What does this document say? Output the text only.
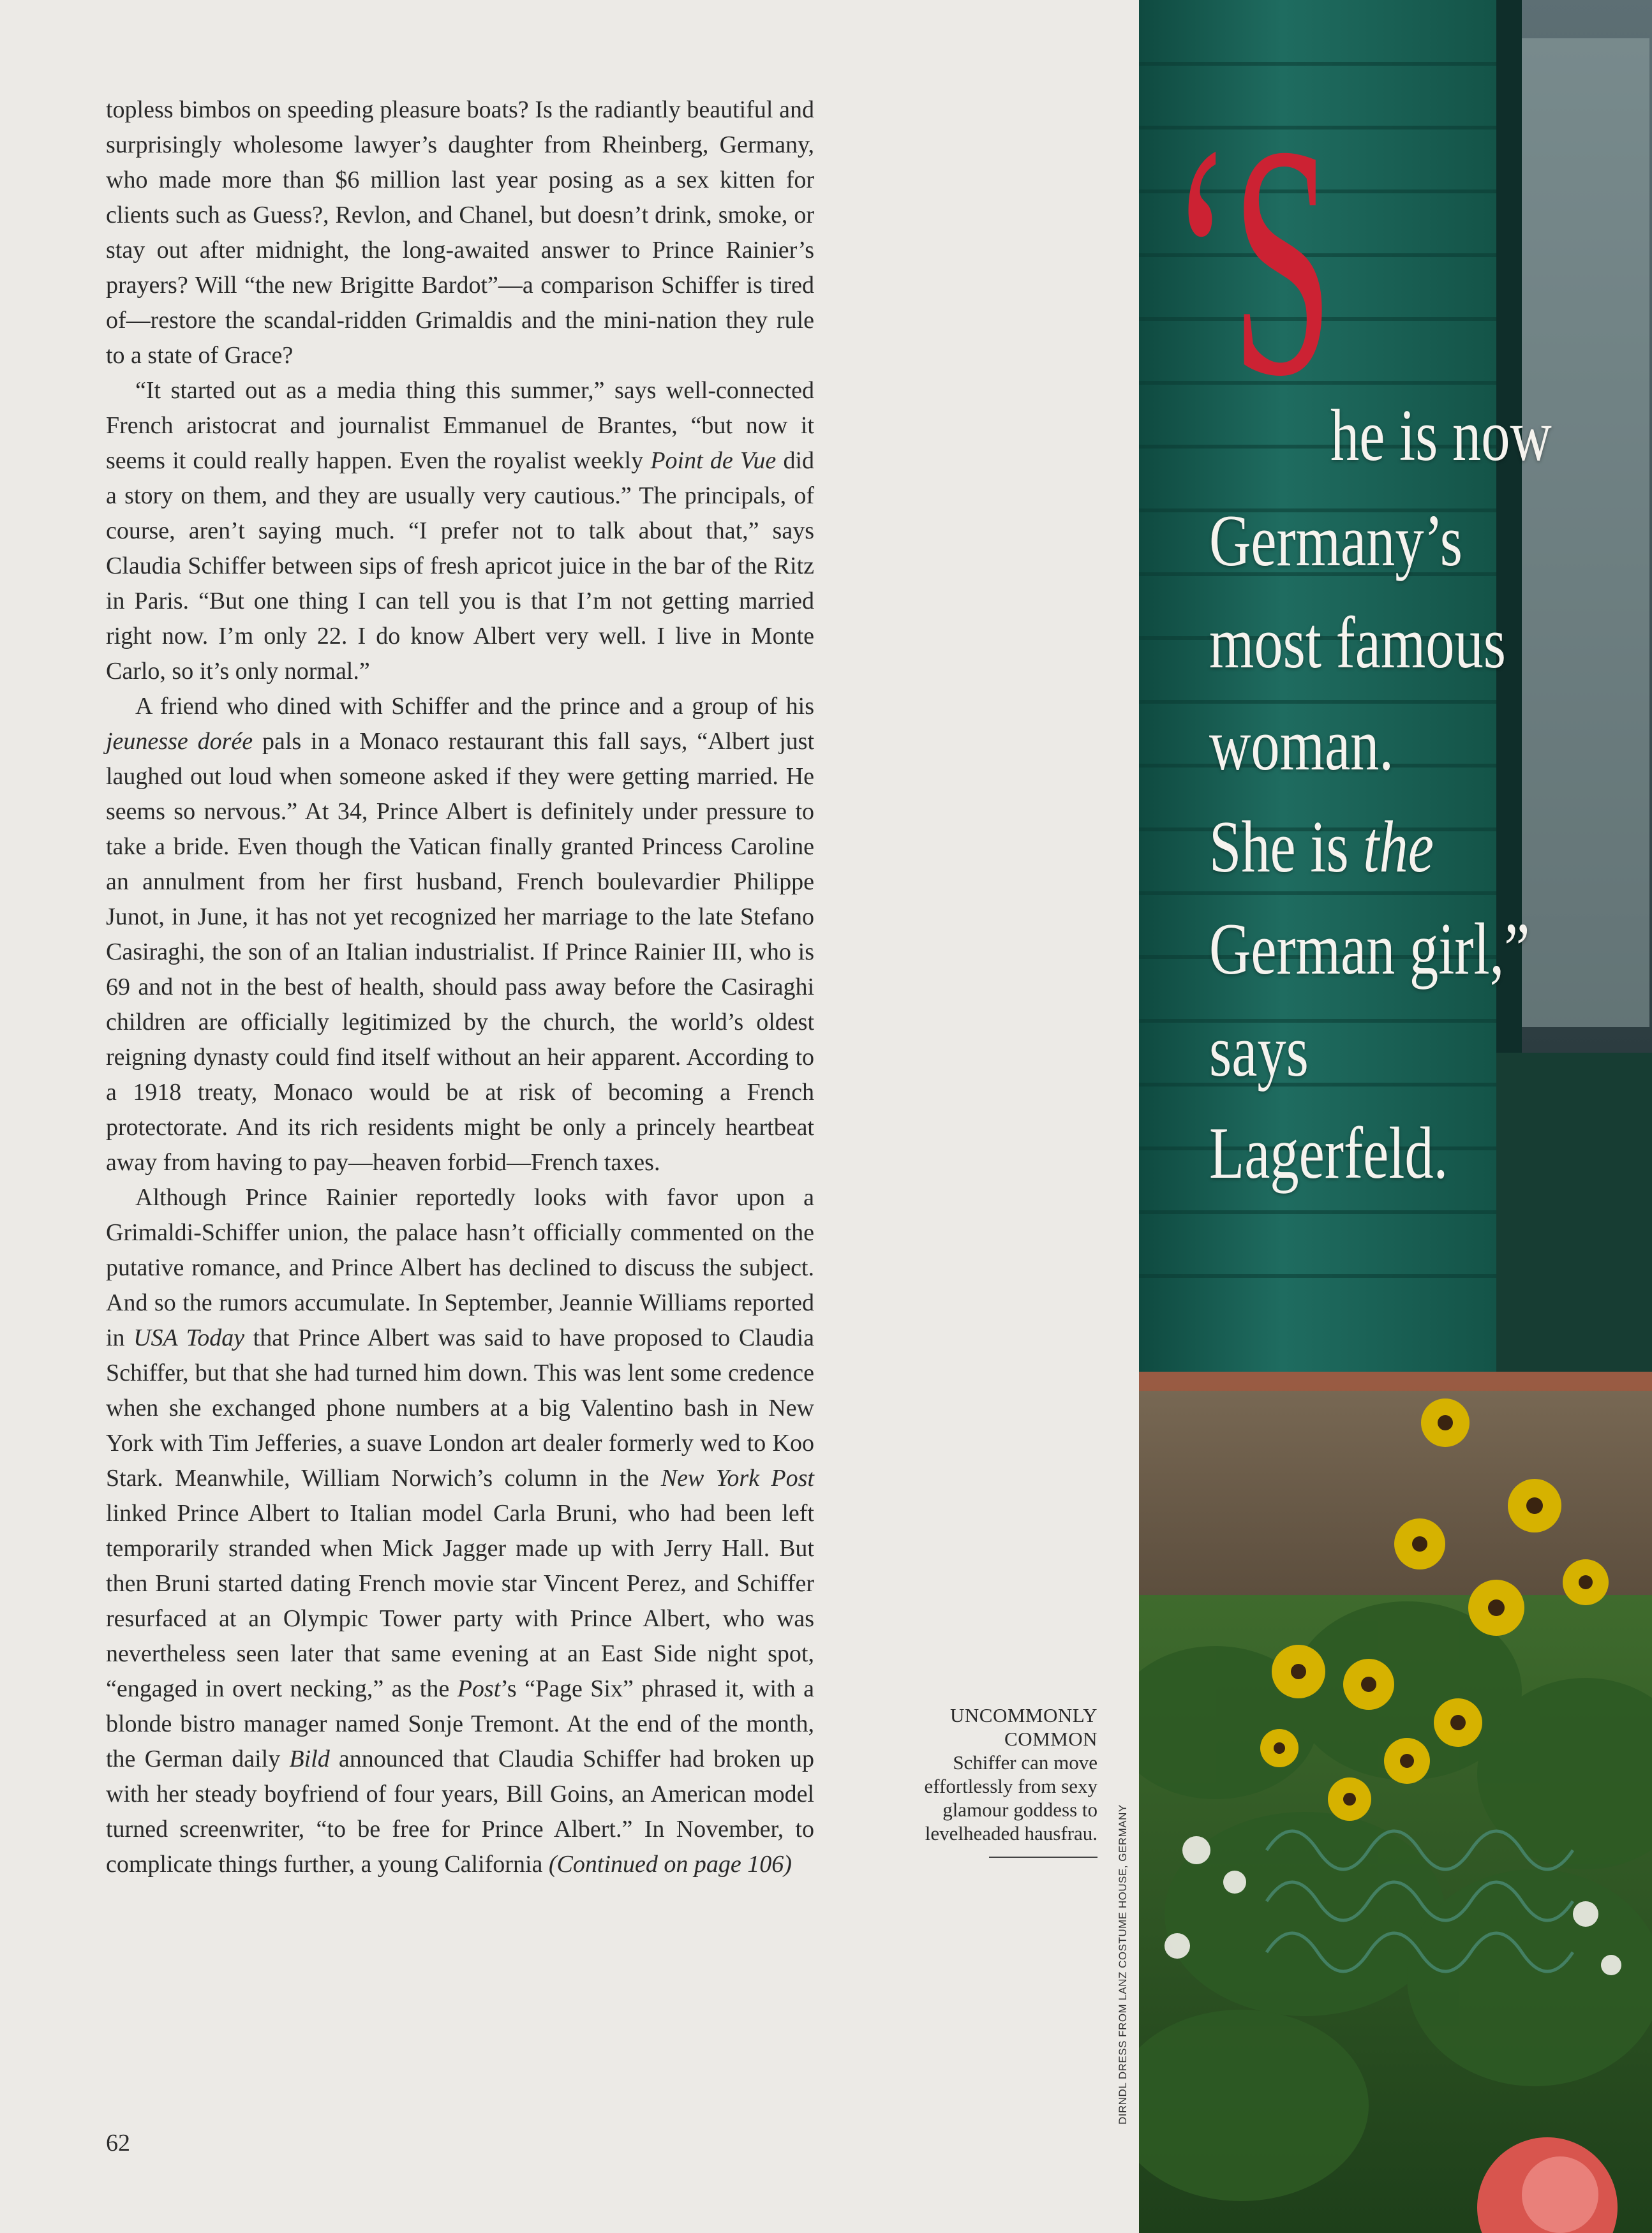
topless bimbos on speeding pleasure boats? Is the radiantly beautiful and surprisingly wholesome lawyer’s daughter from Rheinberg, Germany, who made more than $6 million last year posing as a sex kitten for clients such as Guess?, Revlon, and Chanel, but doesn’t drink, smoke, or stay out after midnight, the long-awaited answer to Prince Rainier’s prayers? Will “the new Brigitte Bardot”—a comparison Schiffer is tired of—restore the scandal-ridden Grimaldis and the mini-nation they rule to a state of Grace?

“It started out as a media thing this summer,” says well-connected French aristocrat and journalist Emmanuel de Brantes, “but now it seems it could really happen. Even the royalist weekly Point de Vue did a story on them, and they are usually very cautious.” The principals, of course, aren’t saying much. “I prefer not to talk about that,” says Claudia Schiffer between sips of fresh apricot juice in the bar of the Ritz in Paris. “But one thing I can tell you is that I’m not getting married right now. I’m only 22. I do know Albert very well. I live in Monte Carlo, so it’s only normal.”

A friend who dined with Schiffer and the prince and a group of his jeunesse dorée pals in a Monaco restaurant this fall says, “Albert just laughed out loud when someone asked if they were getting married. He seems so nervous.” At 34, Prince Albert is definitely under pressure to take a bride. Even though the Vatican finally granted Princess Caroline an annulment from her first husband, French boulevardier Philippe Junot, in June, it has not yet recognized her marriage to the late Stefano Casiraghi, the son of an Italian industrialist. If Prince Rainier III, who is 69 and not in the best of health, should pass away before the Casiraghi children are officially legitimized by the church, the world’s oldest reigning dynasty could find itself without an heir apparent. According to a 1918 treaty, Monaco would be at risk of becoming a French protectorate. And its rich residents might be only a princely heartbeat away from having to pay—heaven forbid—French taxes.

Although Prince Rainier reportedly looks with favor upon a Grimaldi-Schiffer union, the palace hasn’t officially commented on the putative romance, and Prince Albert has declined to discuss the subject. And so the rumors accumulate. In September, Jeannie Williams reported in USA Today that Prince Albert was said to have proposed to Claudia Schiffer, but that she had turned him down. This was lent some credence when she exchanged phone numbers at a big Valentino bash in New York with Tim Jefferies, a suave London art dealer formerly wed to Koo Stark. Meanwhile, William Norwich’s column in the New York Post linked Prince Albert to Italian model Carla Bruni, who had been left temporarily stranded when Mick Jagger made up with Jerry Hall. But then Bruni started dating French movie star Vincent Perez, and Schiffer resurfaced at an Olympic Tower party with Prince Albert, who was nevertheless seen later that same evening at an East Side night spot, “engaged in overt necking,” as the Post’s “Page Six” phrased it, with a blonde bistro manager named Sonje Tremont. At the end of the month, the German daily Bild announced that Claudia Schiffer had broken up with her steady boyfriend of four years, Bill Goins, an American model turned screenwriter, “to be free for Prince Albert.” In November, to complicate things further, a young California (Continued on page 106)

62
UNCOMMONLY
COMMON
Schiffer can move effortlessly from sexy glamour goddess to levelheaded hausfrau. DIRNDL DRESS FROM LANZ COSTUME HOUSE, GERMANY
‘S
he is now
Germany’s
most famous
woman.
She is the
German girl,”
says
Lagerfeld.
